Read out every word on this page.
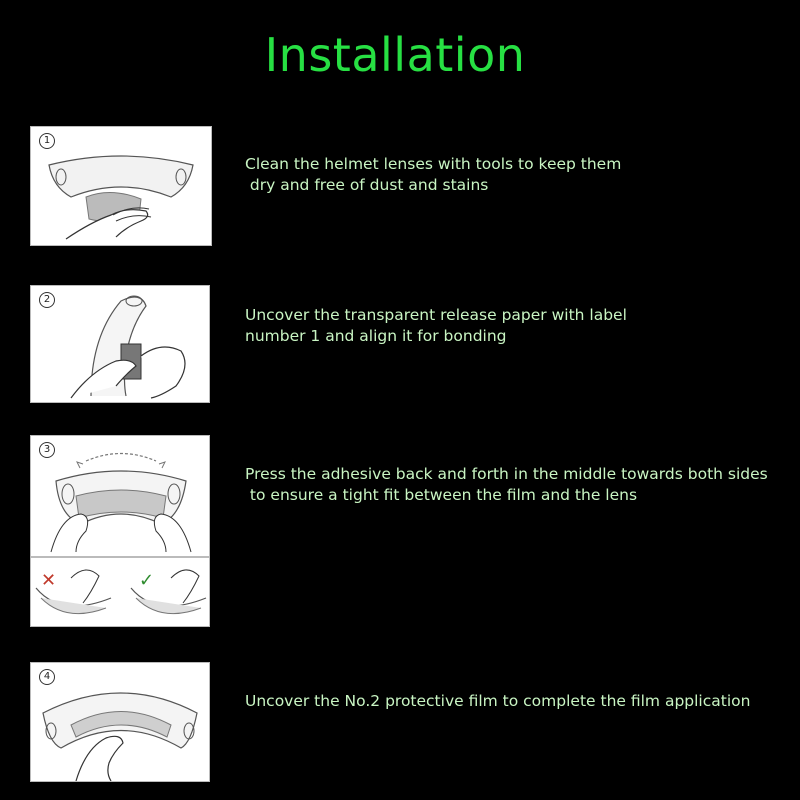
Installation
1
2
3
✕	✓
4
Clean the helmet lenses with tools to keep them
dry and free of dust and stains
Uncover the transparent release paper with label
number 1 and align it for bonding
Press the adhesive back and forth in the middle towards both sides
to ensure a tight fit between the film and the lens
Uncover the No.2 protective film to complete the film application
